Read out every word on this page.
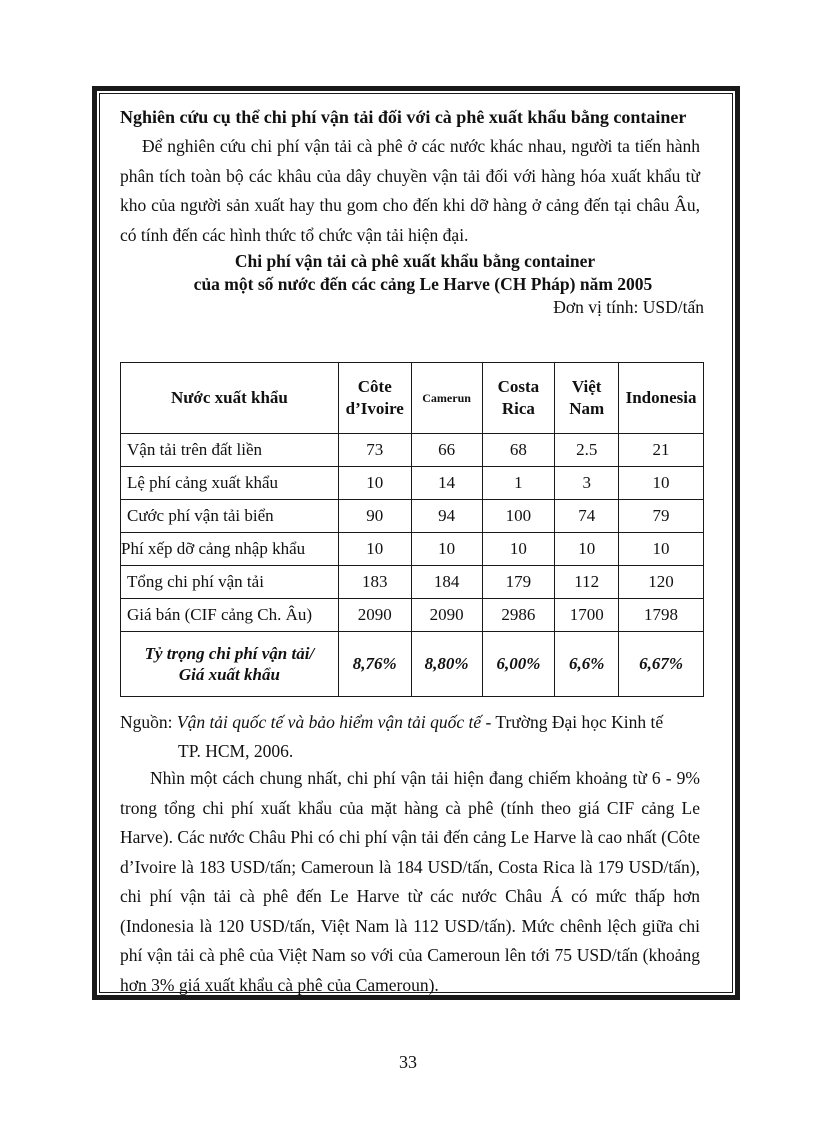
Nghiên cứu cụ thể chi phí vận tải đối với cà phê xuất khẩu bằng container

Để nghiên cứu chi phí vận tải cà phê ở các nước khác nhau, người ta tiến hành phân tích toàn bộ các khâu của dây chuyền vận tải đối với hàng hóa xuất khẩu từ kho của người sản xuất hay thu gom cho đến khi dỡ hàng ở cảng đến tại châu Âu, có tính đến các hình thức tổ chức vận tải hiện đại.

Chi phí vận tải cà phê xuất khẩu bằng container

của một số nước đến các cảng Le Harve (CH Pháp) năm 2005

Đơn vị tính: USD/tấn

Nước xuất khẩu	Côte d’Ivoire	Camerun	Costa Rica	Việt Nam	Indonesia
Vận tải trên đất liền	73	66	68	2.5	21
Lệ phí cảng xuất khẩu	10	14	1	3	10
Cước phí vận tải biển	90	94	100	74	79
Phí xếp dỡ cảng nhập khẩu	10	10	10	10	10
Tổng chi phí vận tải	183	184	179	112	120
Giá bán (CIF cảng Ch. Âu)	2090	2090	2986	1700	1798
Tỷ trọng chi phí vận tải/
Giá xuất khẩu	8,76%	8,80%	6,00%	6,6%	6,67%
Nguồn: Vận tải quốc tế và bảo hiểm vận tải quốc tế - Trường Đại học Kinh tế
TP. HCM, 2006.

Nhìn một cách chung nhất, chi phí vận tải hiện đang chiếm khoảng từ 6 - 9% trong tổng chi phí xuất khẩu của mặt hàng cà phê (tính theo giá CIF cảng Le Harve). Các nước Châu Phi có chi phí vận tải đến cảng Le Harve là cao nhất (Côte d’Ivoire là 183 USD/tấn; Cameroun là 184 USD/tấn, Costa Rica là 179 USD/tấn), chi phí vận tải cà phê đến Le Harve từ các nước Châu Á có mức thấp hơn (Indonesia là 120 USD/tấn, Việt Nam là 112 USD/tấn). Mức chênh lệch giữa chi phí vận tải cà phê của Việt Nam so với của Cameroun lên tới 75 USD/tấn (khoảng hơn 3% giá xuất khẩu cà phê của Cameroun).

33
